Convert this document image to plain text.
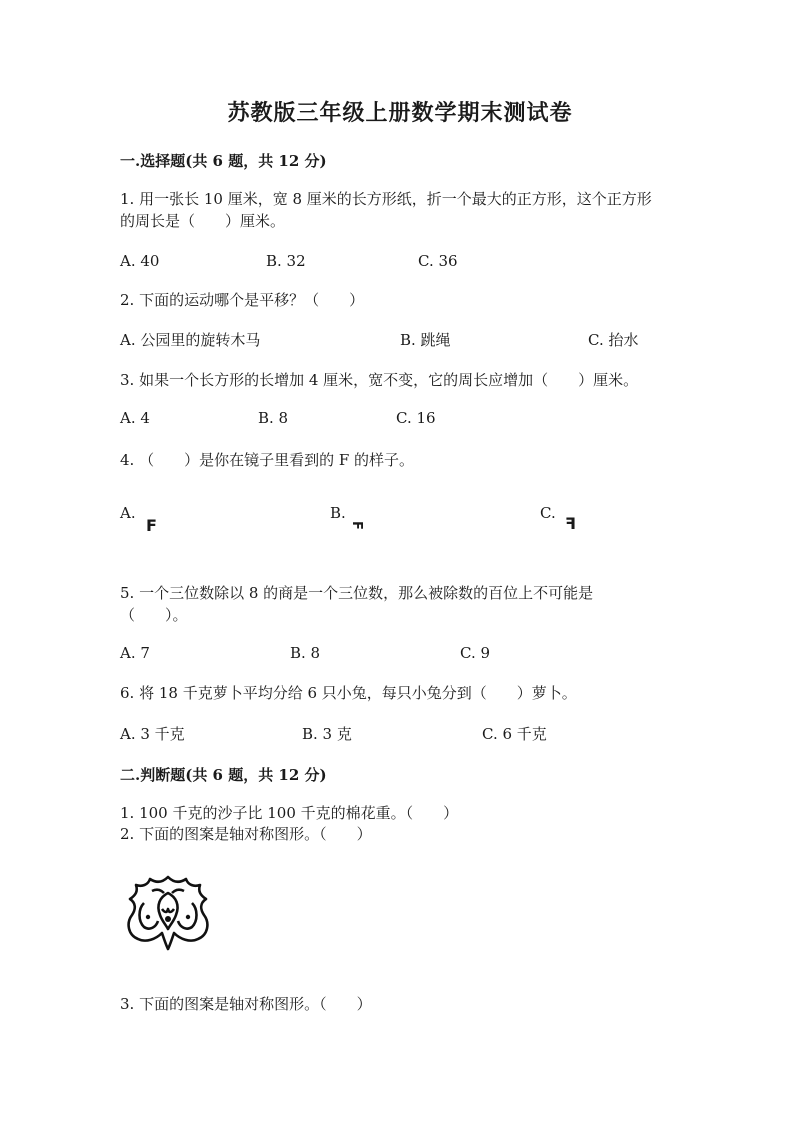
苏教版三年级上册数学期末测试卷
一.选择题(共 6 题，共 12 分)
1. 用一张长 10 厘米，宽 8 厘米的长方形纸，折一个最大的正方形，这个正方形
的周长是（　　）厘米。
A. 40	B. 32	C. 36
2. 下面的运动哪个是平移？（　　）
A. 公园里的旋转木马	B. 跳绳	C. 抬水
3. 如果一个长方形的长增加 4 厘米，宽不变，它的周长应增加（　　）厘米。
A. 4	B. 8	C. 16
4. （　　）是你在镜子里看到的 F 的样子。
A.
F
B.
F
C.
F
5. 一个三位数除以 8 的商是一个三位数，那么被除数的百位上不可能是
（　　）。
A. 7	B. 8	C. 9
6. 将 18 千克萝卜平均分给 6 只小兔，每只小兔分到（　　）萝卜。
A. 3 千克	B. 3 克	C. 6 千克
二.判断题(共 6 题，共 12 分)
1. 100 千克的沙子比 100 千克的棉花重。（　　）
2. 下面的图案是轴对称图形。（　　）
3. 下面的图案是轴对称图形。（　　）
